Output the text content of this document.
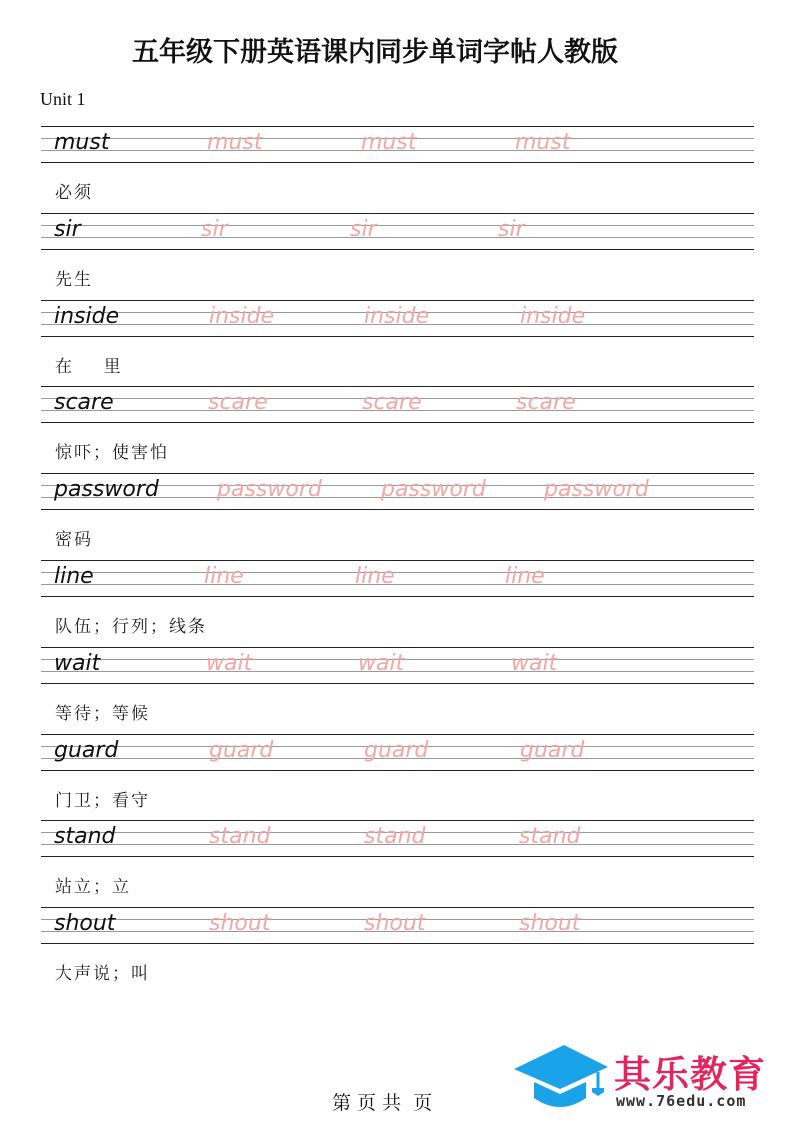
五年级下册英语课内同步单词字帖人教版
Unit 1
must	must	must	must
必须
sir	sir	sir	sir
先生
inside	inside	inside	inside
在    里
scare	scare	scare	scare
惊吓；使害怕
password	password	password	password
密码
line	line	line	line
队伍；行列；线条
wait	wait	wait	wait
等待；等候
guard	guard	guard	guard
门卫；看守
stand	stand	stand	stand
站立；立
shout	shout	shout	shout
大声说；叫
第 页 共  页
其乐教育
www.76edu.com
